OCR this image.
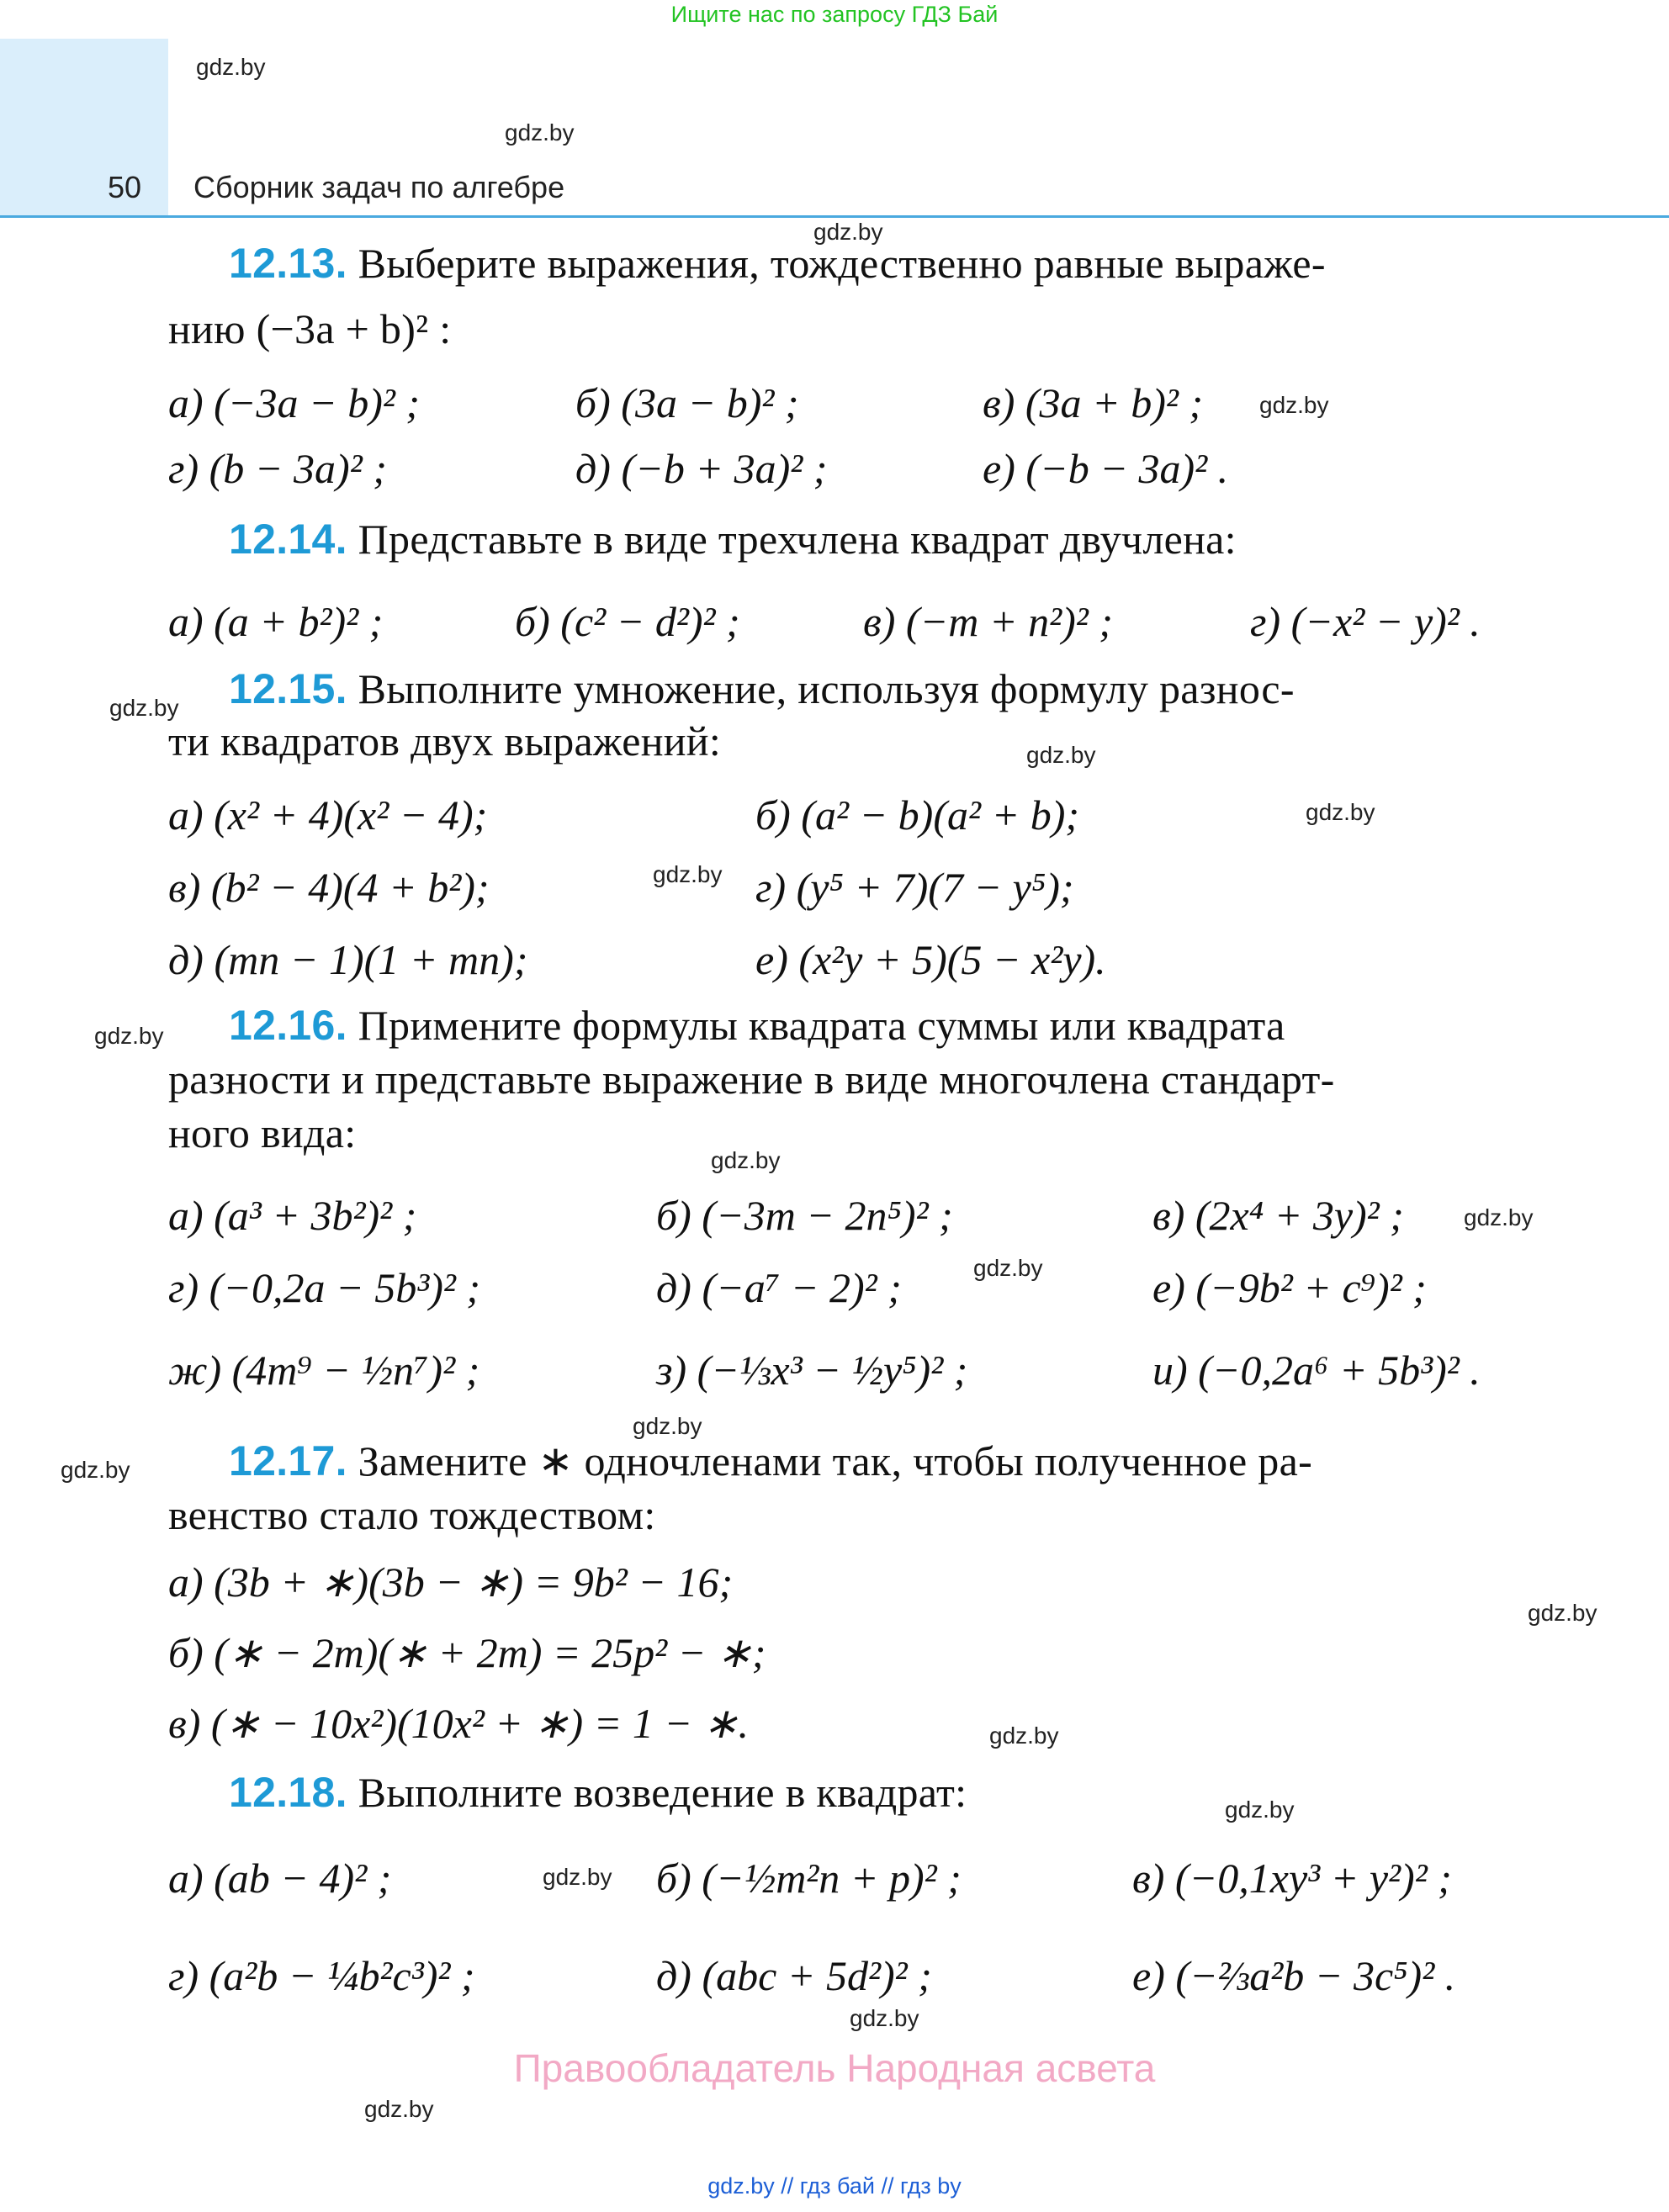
Ищите нас по запросу ГДЗ Бай
50 Сборник задач по алгебре
gdz.by
gdz.by
gdz.by
gdz.by
gdz.by
gdz.by
gdz.by
gdz.by
gdz.by
gdz.by
gdz.by
gdz.by
gdz.by
gdz.by
gdz.by
gdz.by
gdz.by
gdz.by
gdz.by
gdz.by
12.13. Выберите выражения, тождественно равные выраже-
нию (−3a + b)² :
а) (−3a − b)² ;	б) (3a − b)² ;	в) (3a + b)² ;
г) (b − 3a)² ;	д) (−b + 3a)² ;	е) (−b − 3a)² .
12.14. Представьте в виде трехчлена квадрат двучлена:
а) (a + b²)² ;	б) (c² − d²)² ;	в) (−m + n²)² ;	г) (−x² − y)² .
12.15. Выполните умножение, используя формулу разнос-
ти квадратов двух выражений:
а) (x² + 4)(x² − 4);	б) (a² − b)(a² + b);
в) (b² − 4)(4 + b²);	г) (y⁵ + 7)(7 − y⁵);
д) (mn − 1)(1 + mn);	е) (x²y + 5)(5 − x²y).
12.16. Примените формулы квадрата суммы или квадрата
разности и представьте выражение в виде многочлена стандарт-
ного вида:
а) (a³ + 3b²)² ;	б) (−3m − 2n⁵)² ;	в) (2x⁴ + 3y)² ;
г) (−0,2a − 5b³)² ;	д) (−a⁷ − 2)² ;	е) (−9b² + c⁹)² ;
ж) (4m⁹ − ½n⁷)² ;	з) (−⅓x³ − ½y⁵)² ;	и) (−0,2a⁶ + 5b³)² .
12.17. Замените ∗ одночленами так, чтобы полученное ра-
венство стало тождеством:
а) (3b + ∗)(3b − ∗) = 9b² − 16;
б) (∗ − 2m)(∗ + 2m) = 25p² − ∗;
в) (∗ − 10x²)(10x² + ∗) = 1 − ∗.
12.18. Выполните возведение в квадрат:
а) (ab − 4)² ;	б) (−½m²n + p)² ;	в) (−0,1xy³ + y²)² ;
г) (a²b − ¼b²c³)² ;	д) (abc + 5d²)² ;	е) (−⅔a²b − 3c⁵)² .
Правообладатель Народная асвета
gdz.by // гдз бай // гдз by
